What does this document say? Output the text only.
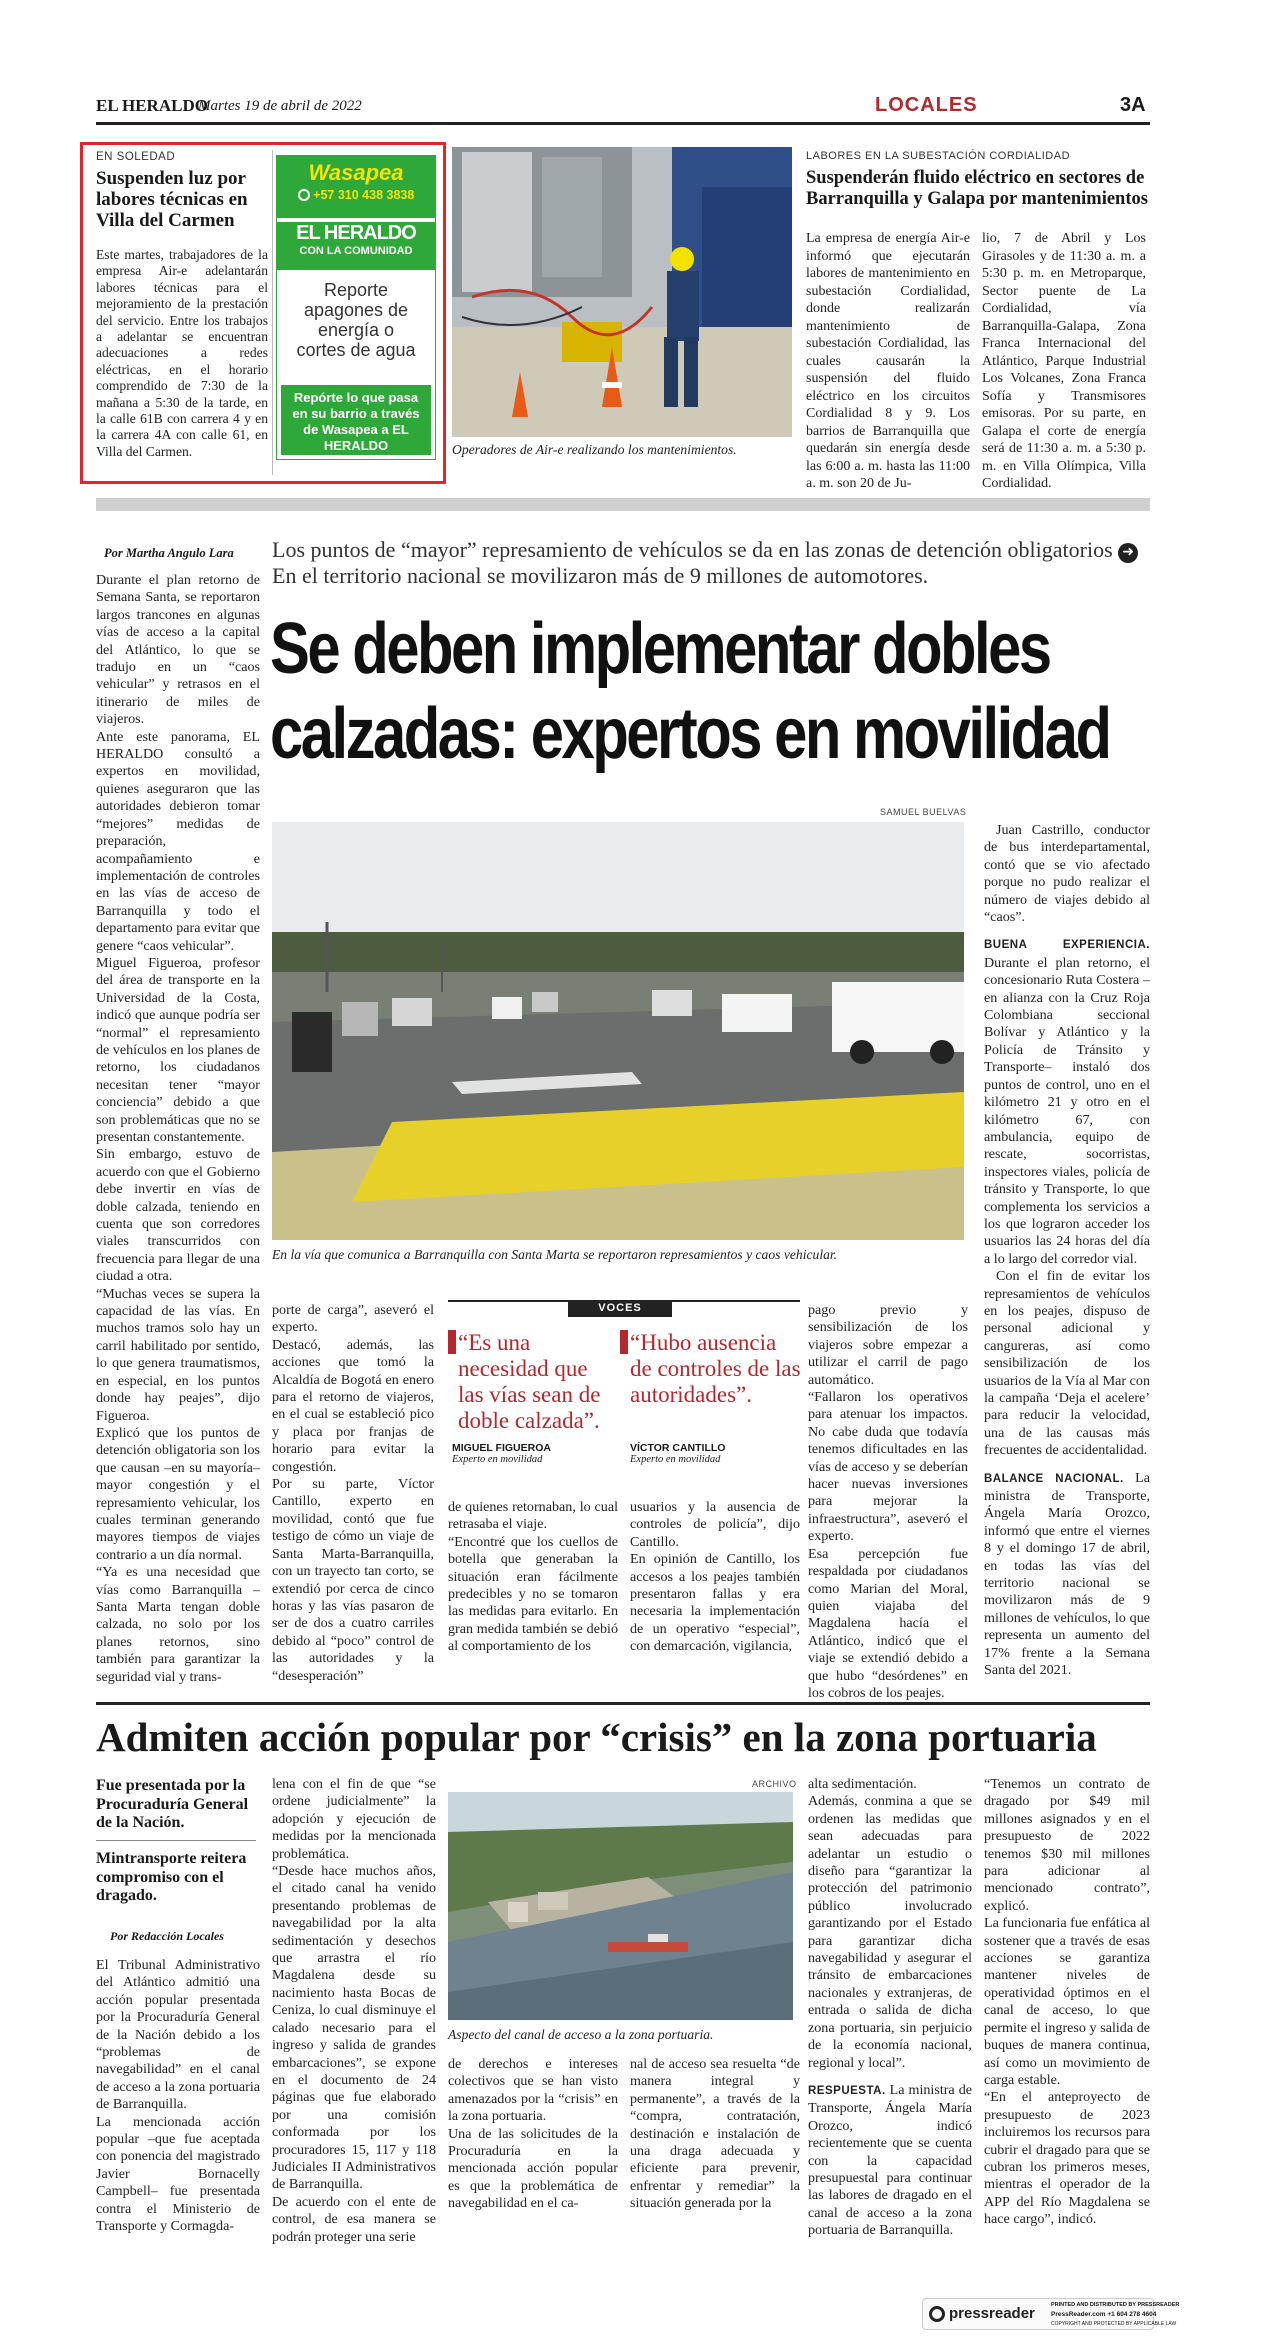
EL HERALDO
Martes 19 de abril de 2022	LOCALES	3A
EN SOLEDAD
Suspenden luz por labores técnicas en Villa del Carmen
Este martes, trabajadores de la empresa Air-e adelantarán labores técnicas para el mejoramiento de la prestación del servicio. Entre los trabajos a adelantar se encuentran adecuaciones a redes eléctricas, en el horario comprendido de 7:30 de la mañana a 5:30 de la tarde, en la calle 61B con carrera 4 y en la carrera 4A con calle 61, en Villa del Carmen.
Wasapea
+57 310 438 3838
EL HERALDO
CON LA COMUNIDAD
Reporte apagones de energía o cortes de agua
Repórte lo que pasa en su barrio a través de Wasapea a EL HERALDO	Operadores de Air-e realizando los mantenimientos.
LABORES EN LA SUBESTACIÓN CORDIALIDAD
Suspenderán fluido eléctrico en sectores de Barranquilla y Galapa por mantenimientos
La empresa de energía Air-e informó que ejecutarán labores de mantenimiento en subestación Cordialidad, donde realizarán mantenimiento de subestación Cordialidad, las cuales causarán la suspensión del fluido eléctrico en los circuitos Cordialidad 8 y 9. Los barrios de Barranquilla que quedarán sin energía desde las 6:00 a. m. hasta las 11:00 a. m. son 20 de Ju-
lio, 7 de Abril y Los Girasoles y de 11:30 a. m. a 5:30 p. m. en Metroparque, Sector puente de La Cordialidad, vía Barranquilla-Galapa, Zona Franca Internacional del Atlántico, Parque Industrial Los Volcanes, Zona Franca Sofía y Transmisores emisoras. Por su parte, en Galapa el corte de energía será de 11:30 a. m. a 5:30 p. m. en Villa Olímpica, Villa Cordialidad.
Por Martha Angulo Lara Los puntos de “mayor” represamiento de vehículos se da en las zonas de detención obligatorios ➜ En el territorio nacional se movilizaron más de 9 millones de automotores.
Se deben implementar dobles
calzadas: expertos en movilidad
Durante el plan retorno de Semana Santa, se reportaron largos trancones en algunas vías de acceso a la capital del Atlántico, lo que se tradujo en un “caos vehicular” y retrasos en el itinerario de miles de viajeros.
Ante este panorama, EL HERALDO consultó a expertos en movilidad, quienes aseguraron que las autoridades debieron tomar “mejores” medidas de preparación, acompañamiento e implementación de controles en las vías de acceso de Barranquilla y todo el departamento para evitar que genere “caos vehicular”.
Miguel Figueroa, profesor del área de transporte en la Universidad de la Costa, indicó que aunque podría ser “normal” el represamiento de vehículos en los planes de retorno, los ciudadanos necesitan tener “mayor conciencia” debido a que son problemáticas que no se presentan constantemente.
Sin embargo, estuvo de acuerdo con que el Gobierno debe invertir en vías de doble calzada, teniendo en cuenta que son corredores viales transcurridos con frecuencia para llegar de una ciudad a otra.
“Muchas veces se supera la capacidad de las vías. En muchos tramos solo hay un carril habilitado por sentido, lo que genera traumatismos, en especial, en los puntos donde hay peajes”, dijo Figueroa.
Explicó que los puntos de detención obligatoria son los que causan –en su mayoría– mayor congestión y el represamiento vehicular, los cuales terminan generando mayores tiempos de viajes contrario a un día normal.
“Ya es una necesidad que vías como Barranquilla – Santa Marta tengan doble calzada, no solo por los planes retornos, sino también para garantizar la seguridad vial y trans-
SAMUEL BUELVAS
En la vía que comunica a Barranquilla con Santa Marta se reportaron represamientos y caos vehicular.
porte de carga”, aseveró el experto.
Destacó, además, las acciones que tomó la Alcaldía de Bogotá en enero para el retorno de viajeros, en el cual se estableció pico y placa por franjas de horario para evitar la congestión.
Por su parte, Víctor Cantillo, experto en movilidad, contó que fue testigo de cómo un viaje de Santa Marta-Barranquilla, con un trayecto tan corto, se extendió por cerca de cinco horas y las vías pasaron de ser de dos a cuatro carriles debido al “poco” control de las autoridades y la “desesperación”
VOCES
“Es una necesidad que las vías sean de doble calzada”.
MIGUEL FIGUEROA
Experto en movilidad
“Hubo ausencia de controles de las autoridades”.
VÍCTOR CANTILLO
Experto en movilidad
de quienes retornaban, lo cual retrasaba el viaje.
“Encontré que los cuellos de botella que generaban la situación eran fácilmente predecibles y no se tomaron las medidas para evitarlo. En gran medida también se debió al comportamiento de los
usuarios y la ausencia de controles de policía”, dijo Cantillo.
En opinión de Cantillo, los accesos a los peajes también presentaron fallas y era necesaria la implementación de un operativo “especial”, con demarcación, vigilancia,
pago previo y sensibilización de los viajeros sobre empezar a utilizar el carril de pago automático.
“Fallaron los operativos para atenuar los impactos. No cabe duda que todavía tenemos dificultades en las vías de acceso y se deberían hacer nuevas inversiones para mejorar la infraestructura”, aseveró el experto.
Esa percepción fue respaldada por ciudadanos como Marian del Moral, quien viajaba del Magdalena hacía el Atlántico, indicó que el viaje se extendió debido a que hubo “desórdenes” en los cobros de los peajes.

Juan Castrillo, conductor de bus interdepartamental, contó que se vio afectado porque no pudo realizar el número de viajes debido al “caos”.

BUENA EXPERIENCIA. Durante el plan retorno, el concesionario Ruta Costera –en alianza con la Cruz Roja Colombiana seccional Bolívar y Atlántico y la Policía de Tránsito y Transporte– instaló dos puntos de control, uno en el kilómetro 21 y otro en el kilómetro 67, con ambulancia, equipo de rescate, socorristas, inspectores viales, policía de tránsito y Transporte, lo que complementa los servicios a los que lograron acceder los usuarios las 24 horas del día a lo largo del corredor vial.

Con el fin de evitar los represamientos de vehículos en los peajes, dispuso de personal adicional y cangureras, así como sensibilización de los usuarios de la Vía al Mar con la campaña ‘Deja el acelere’ para reducir la velocidad, una de las causas más frecuentes de accidentalidad.

BALANCE NACIONAL. La ministra de Transporte, Ángela María Orozco, informó que entre el viernes 8 y el domingo 17 de abril, en todas las vías del territorio nacional se movilizaron más de 9 millones de vehículos, lo que representa un aumento del 17% frente a la Semana Santa del 2021.

Admiten acción popular por “crisis” en la zona portuaria
Fue presentada por la Procuraduría General de la Nación.
Mintransporte reitera compromiso con el dragado.
Por Redacción Locales
El Tribunal Administrativo del Atlántico admitió una acción popular presentada por la Procuraduría General de la Nación debido a los “problemas de navegabilidad” en el canal de acceso a la zona portuaria de Barranquilla.
La mencionada acción popular –que fue aceptada con ponencia del magistrado Javier Bornacelly Campbell– fue presentada contra el Ministerio de Transporte y Cormagda-
lena con el fin de que “se ordene judicialmente” la adopción y ejecución de medidas por la mencionada problemática.
“Desde hace muchos años, el citado canal ha venido presentando problemas de navegabilidad por la alta sedimentación y desechos que arrastra el río Magdalena desde su nacimiento hasta Bocas de Ceniza, lo cual disminuye el calado necesario para el ingreso y salida de grandes embarcaciones”, se expone en el documento de 24 páginas que fue elaborado por una comisión conformada por los procuradores 15, 117 y 118 Judiciales II Administrativos de Barranquilla.
De acuerdo con el ente de control, de esa manera se podrán proteger una serie
ARCHIVO
Aspecto del canal de acceso a la zona portuaria.
de derechos e intereses colectivos que se han visto amenazados por la “crisis” en la zona portuaria.
Una de las solicitudes de la Procuraduría en la mencionada acción popular es que la problemática de navegabilidad en el ca-
nal de acceso sea resuelta “de manera integral y permanente”, a través de la “compra, contratación, destinación e instalación de una draga adecuada y eficiente para prevenir, enfrentar y remediar” la situación generada por la

alta sedimentación.
Además, conmina a que se ordenen las medidas que sean adecuadas para adelantar un estudio o diseño para “garantizar la protección del patrimonio público involucrado garantizando por el Estado para garantizar dicha navegabilidad y asegurar el tránsito de embarcaciones nacionales y extranjeras, de entrada o salida de dicha zona portuaria, sin perjuicio de la economía nacional, regional y local”.

RESPUESTA. La ministra de Transporte, Ángela María Orozco, indicó recientemente que se cuenta con la capacidad presupuestal para continuar las labores de dragado en el canal de acceso a la zona portuaria de Barranquilla.

“Tenemos un contrato de dragado por $49 mil millones asignados y en el presupuesto de 2022 tenemos $30 mil millones para adicionar al mencionado contrato”, explicó.
La funcionaria fue enfática al sostener que a través de esas acciones se garantiza mantener niveles de operatividad óptimos en el canal de acceso, lo que permite el ingreso y salida de buques de manera continua, así como un movimiento de carga estable.
“En el anteproyecto de presupuesto de 2023 incluiremos los recursos para cubrir el dragado para que se cubran los primeros meses, mientras el operador de la APP del Río Magdalena se hace cargo”, indicó.
pressreader	PRINTED AND DISTRIBUTED BY PRESSREADER
PressReader.com +1 604 278 4604
COPYRIGHT AND PROTECTED BY APPLICABLE LAW
